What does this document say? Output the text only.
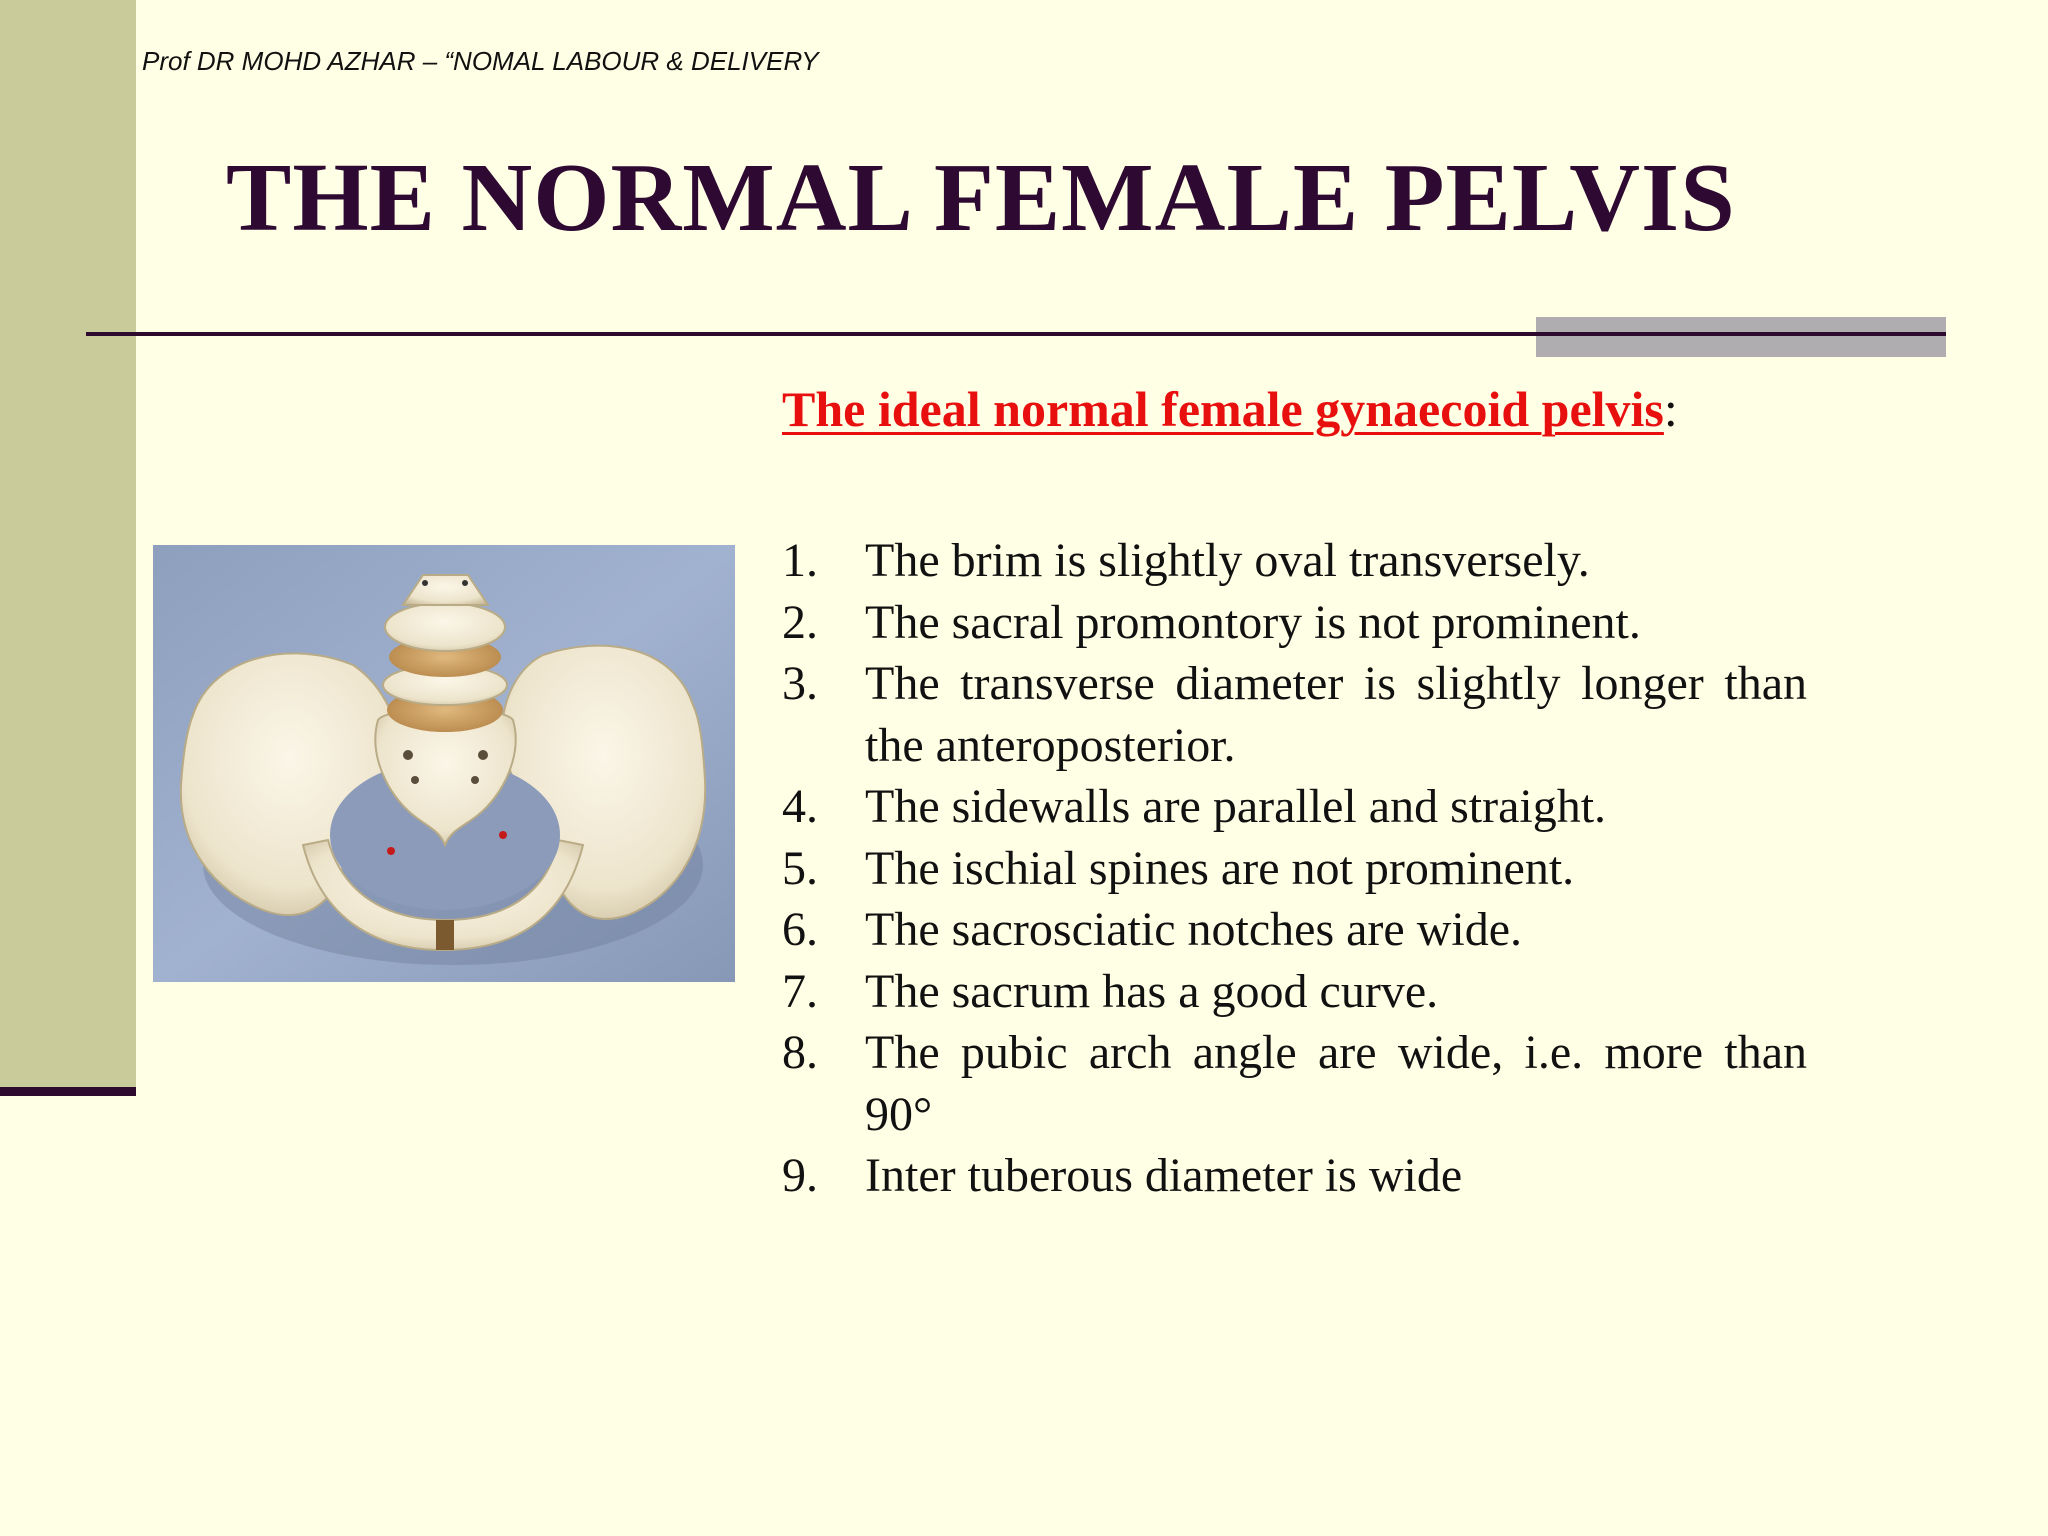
Prof DR MOHD AZHAR – “NOMAL LABOUR & DELIVERY
THE NORMAL FEMALE PELVIS
The ideal normal female gynaecoid pelvis:
1. The brim is slightly oval transversely.
2. The sacral promontory is not prominent.
3. The transverse diameter is slightly longer than the anteroposterior.
4. The sidewalls are parallel and straight.
5. The ischial spines are not prominent.
6. The sacrosciatic notches are wide.
7. The sacrum has a good curve.
8. The pubic arch angle are wide, i.e. more than 90°
9. Inter tuberous diameter is wide
